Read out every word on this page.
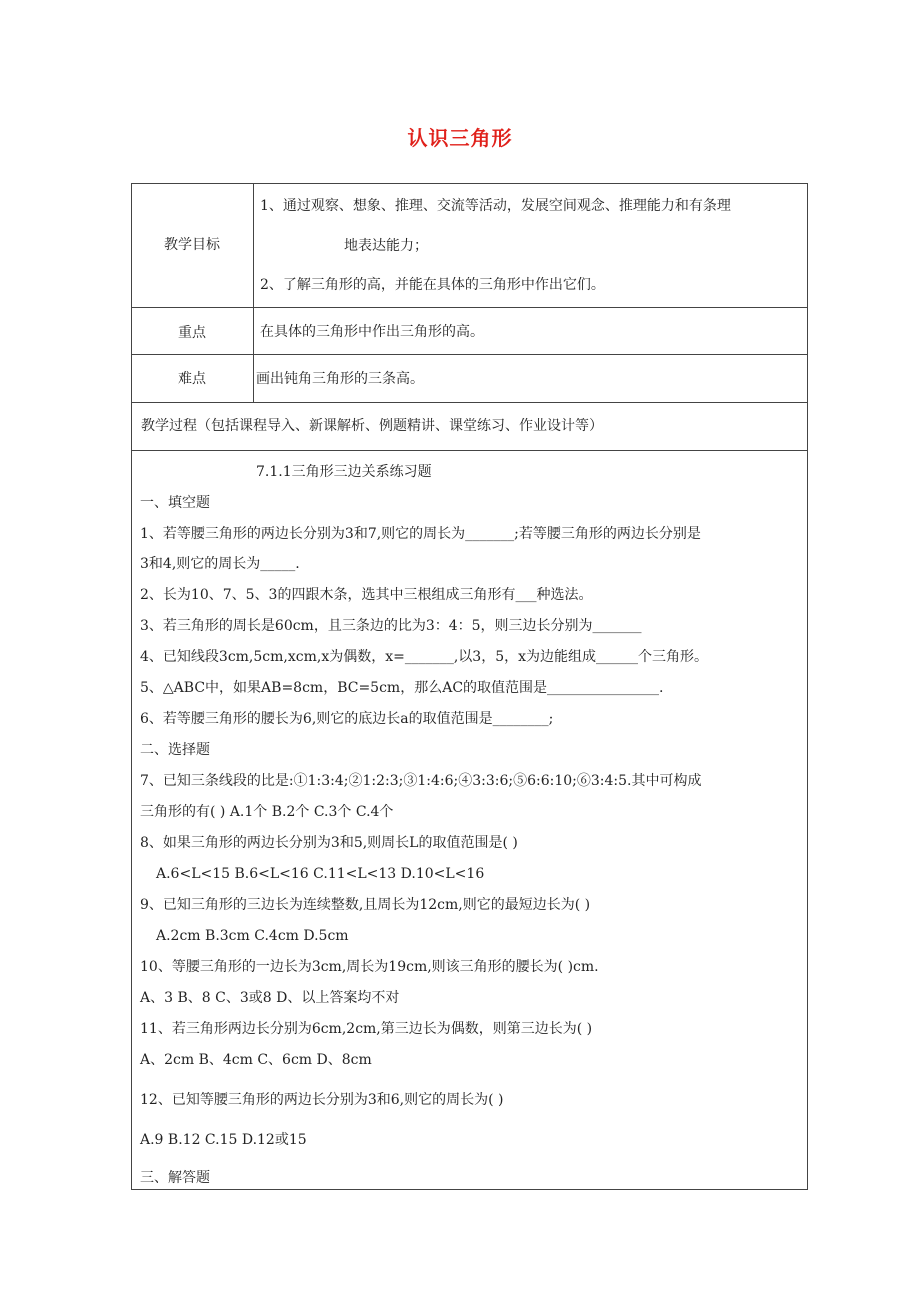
认识三角形
教学目标
1、通过观察、想象、推理、交流等活动，发展空间观念、推理能力和有条理
地表达能力；
2、了解三角形的高，并能在具体的三角形中作出它们。
重点	在具体的三角形中作出三角形的高。
难点	画出钝角三角形的三条高。
教学过程（包括课程导入、新课解析、例题精讲、课堂练习、作业设计等）
7.1.1三角形三边关系练习题
一、填空题
1、若等腰三角形的两边长分别为3和7,则它的周长为_______;若等腰三角形的两边长分别是
3和4,则它的周长为_____.
2、长为10、7、5、3的四跟木条，选其中三根组成三角形有___种选法。
3、若三角形的周长是60cm，且三条边的比为3：4：5，则三边长分别为_______
4、已知线段3cm,5cm,xcm,x为偶数，x=_______,以3，5，x为边能组成______个三角形。
5、△ABC中，如果AB=8cm，BC=5cm，那么AC的取值范围是________________.
6、若等腰三角形的腰长为6,则它的底边长a的取值范围是________;
二、选择题
7、已知三条线段的比是:①1:3:4;②1:2:3;③1:4:6;④3:3:6;⑤6:6:10;⑥3:4:5.其中可构成
三角形的有( ) A.1个 B.2个 C.3个 C.4个
8、如果三角形的两边长分别为3和5,则周长L的取值范围是( )
A.6<L<15 B.6<L<16 C.11<L<13 D.10<L<16
9、已知三角形的三边长为连续整数,且周长为12cm,则它的最短边长为( )
A.2cm B.3cm C.4cm D.5cm
10、等腰三角形的一边长为3cm,周长为19cm,则该三角形的腰长为( )cm.
A、3 B、8 C、3或8 D、以上答案均不对
11、若三角形两边长分别为6cm,2cm,第三边长为偶数，则第三边长为( )
A、2cm B、4cm C、6cm D、8cm
12、已知等腰三角形的两边长分别为3和6,则它的周长为( )
A.9 B.12 C.15 D.12或15
三、解答题
